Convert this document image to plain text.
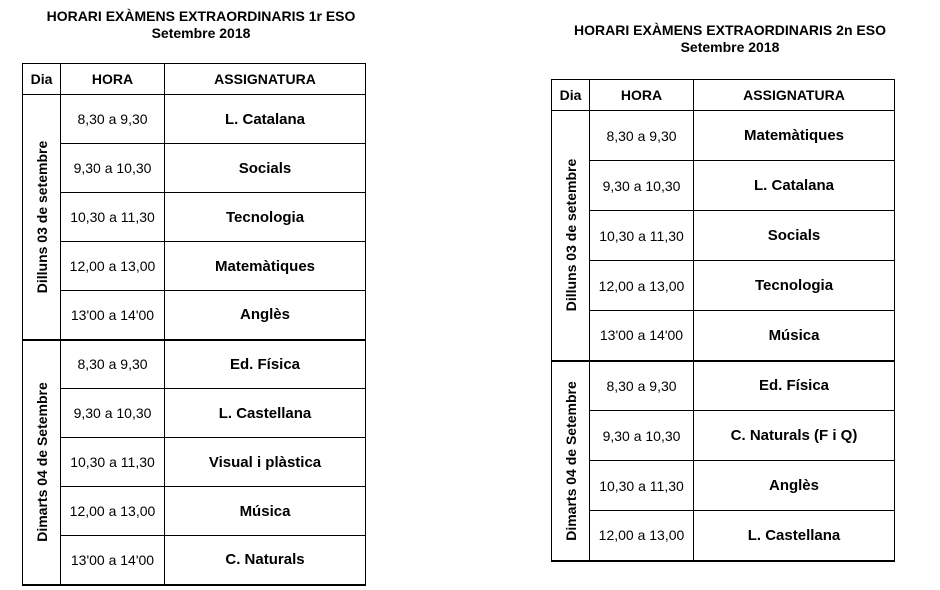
HORARI EXÀMENS EXTRAORDINARIS 1r ESO
Setembre 2018
Dia	HORA	ASSIGNATURA

Dilluns 03 de setembre	8,30 a 9,30	L. Catalana
	9,30 a 10,30	Socials
	10,30 a 11,30	Tecnologia
	12,00 a 13,00	Matemàtiques
	13'00 a 14'00	Anglès

Dimarts 04 de Setembre	8,30 a 9,30	Ed. Física
	9,30 a 10,30	L. Castellana
	10,30 a 11,30	Visual i plàstica
	12,00 a 13,00	Música
	13'00 a 14'00	C. Naturals
HORARI EXÀMENS EXTRAORDINARIS 2n ESO
Setembre 2018
Dia	HORA	ASSIGNATURA

Dilluns 03 de setembre	8,30 a 9,30	Matemàtiques
	9,30 a 10,30	L. Catalana
	10,30 a 11,30	Socials
	12,00 a 13,00	Tecnologia
	13'00 a 14'00	Música

Dimarts 04 de Setembre	8,30 a 9,30	Ed. Física
	9,30 a 10,30	C. Naturals (F i Q)
	10,30 a 11,30	Anglès
	12,00 a 13,00	L. Castellana
